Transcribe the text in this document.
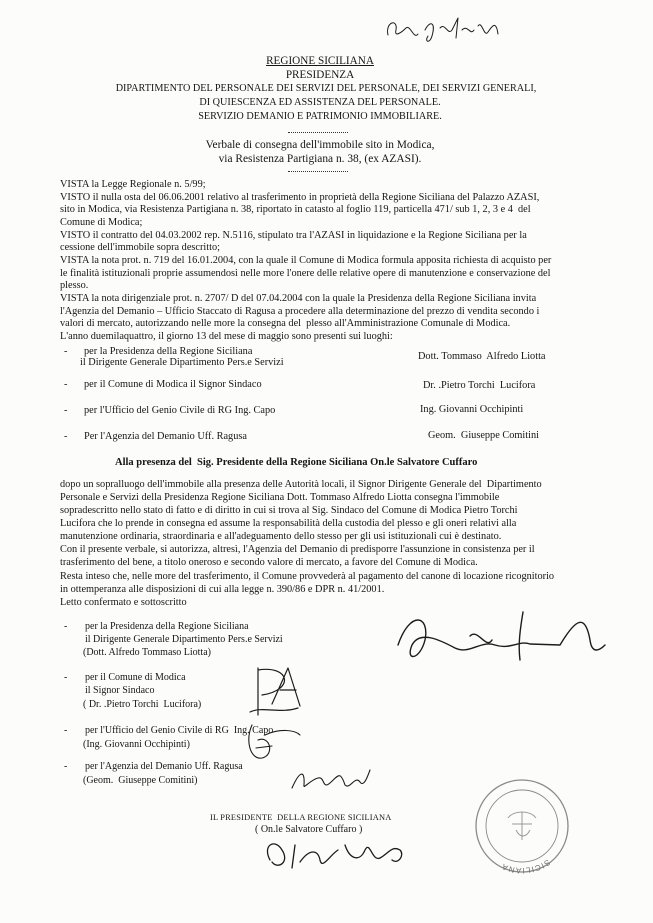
REGIONE SICILIANA
PRESIDENZA
DIPARTIMENTO DEL PERSONALE DEI SERVIZI DEL PERSONALE, DEI SERVIZI GENERALI,
DI QUIESCENZA ED ASSISTENZA DEL PERSONALE.
SERVIZIO DEMANIO E PATRIMONIO IMMOBILIARE.
Verbale di consegna dell'immobile sito in Modica,
via Resistenza Partigiana n. 38, (ex AZASI).
VISTA la Legge Regionale n. 5/99;
VISTO il nulla osta del 06.06.2001 relativo al trasferimento in proprietà della Regione Siciliana del Palazzo AZASI,
sito in Modica, via Resistenza Partigiana n. 38, riportato in catasto al foglio 119, particella 471/ sub 1, 2, 3 e 4  del
Comune di Modica;
VISTO il contratto del 04.03.2002 rep. N.5116, stipulato tra l'AZASI in liquidazione e la Regione Siciliana per la
cessione dell'immobile sopra descritto;
VISTA la nota prot. n. 719 del 16.01.2004, con la quale il Comune di Modica formula apposita richiesta di acquisto per
le finalità istituzionali proprie assumendosi nelle more l'onere delle relative opere di manutenzione e conservazione del
plesso.
VISTA la nota dirigenziale prot. n. 2707/ D del 07.04.2004 con la quale la Presidenza della Regione Siciliana invita
l'Agenzia del Demanio – Ufficio Staccato di Ragusa a procedere alla determinazione del prezzo di vendita secondo i
valori di mercato, autorizzando nelle more la consegna del  plesso all'Amministrazione Comunale di Modica.
L'anno duemilaquattro, il giorno 13 del mese di maggio sono presenti sui luoghi:
- per la Presidenza della Regione Siciliana
il Dirigente Generale Dipartimento Pers.e Servizi
Dott. Tommaso  Alfredo Liotta
- per il Comune di Modica il Signor Sindaco	Dr. .Pietro Torchi  Lucifora
- per l'Ufficio del Genio Civile di RG Ing. Capo	Ing. Giovanni Occhipinti
- Per l'Agenzia del Demanio Uff. Ragusa	Geom.  Giuseppe Comitini
Alla presenza del  Sig. Presidente della Regione Siciliana On.le Salvatore Cuffaro
dopo un sopralluogo dell'immobile alla presenza delle Autorità locali, il Signor Dirigente Generale del  Dipartimento
Personale e Servizi della Presidenza Regione Siciliana Dott. Tommaso Alfredo Liotta consegna l'immobile
sopradescritto nello stato di fatto e di diritto in cui si trova al Sig. Sindaco del Comune di Modica Pietro Torchi
Lucifora che lo prende in consegna ed assume la responsabilità della custodia del plesso e gli oneri relativi alla
manutenzione ordinaria, straordinaria e all'adeguamento dello stesso per gli usi istituzionali cui è destinato.
Con il presente verbale, si autorizza, altresì, l'Agenzia del Demanio di predisporre l'assunzione in consistenza per il
trasferimento del bene, a titolo oneroso e secondo valore di mercato, a favore del Comune di Modica.
Resta inteso che, nelle more del trasferimento, il Comune provvederà al pagamento del canone di locazione ricognitorio
in ottemperanza alle disposizioni di cui alla legge n. 390/86 e DPR n. 41/2001.
Letto confermato e sottoscritto
- per la Presidenza della Regione Siciliana
il Dirigente Generale Dipartimento Pers.e Servizi
(Dott. Alfredo Tommaso Liotta)
- per il Comune di Modica
il Signor Sindaco
( Dr. .Pietro Torchi  Lucifora)
- per l'Ufficio del Genio Civile di RG  Ing. Capo
(Ing. Giovanni Occhipinti)
- per l'Agenzia del Demanio Uff. Ragusa
(Geom.  Giuseppe Comitini)
IL PRESIDENTE  DELLA REGIONE SICILIANA
( On.le Salvatore Cuffaro )
SICILIANA
